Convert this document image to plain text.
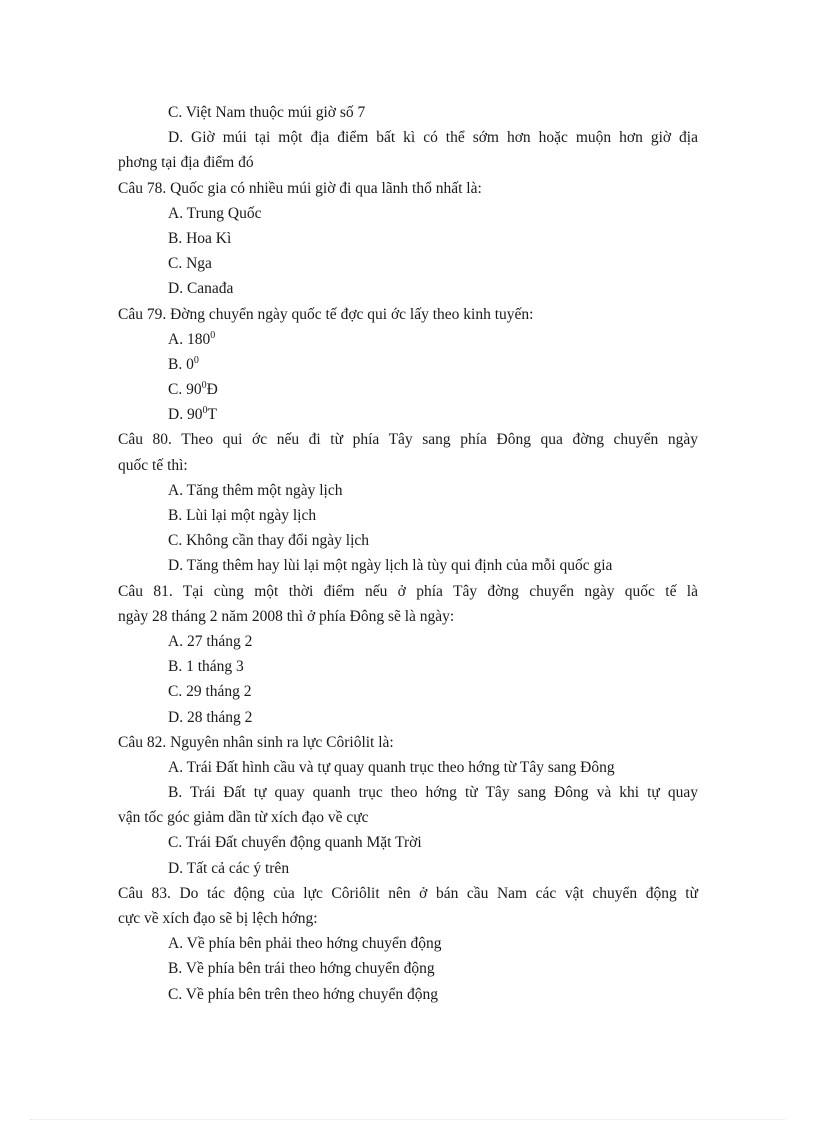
C. Việt Nam thuộc múi giờ số 7
D. Giờ múi tại một địa điểm bất kì có thể sớm hơn hoặc muộn hơn giờ địa
phơng tại địa điểm đó
Câu 78. Quốc gia có nhiều múi giờ đi qua lãnh thổ nhất là:
A. Trung Quốc
B. Hoa Kì
C. Nga
D. Canađa
Câu 79. Đờng chuyển ngày quốc tế đợc qui ớc lấy theo kinh tuyến:
A. $180^0$
B. $0^0$
C. $90^0Đ$
D. $90^0T$
Câu 80. Theo qui ớc nếu đi từ phía Tây sang phía Đông qua đờng chuyển ngày
quốc tế thì:
A. Tăng thêm một ngày lịch
B. Lùi lại một ngày lịch
C. Không cần thay đổi ngày lịch
D. Tăng thêm hay lùi lại một ngày lịch là tùy qui định của mỗi quốc gia
Câu 81. Tại cùng một thời điểm nếu ở phía Tây đờng chuyển ngày quốc tế là
ngày 28 tháng 2 năm 2008 thì ở phía Đông sẽ là ngày:
A. 27 tháng 2
B. 1 tháng 3
C. 29 tháng 2
D. 28 tháng 2
Câu 82. Nguyên nhân sinh ra lực Côriôlit là:
A. Trái Đất hình cầu và tự quay quanh trục theo hớng từ Tây sang Đông
B. Trái Đất tự quay quanh trục theo hớng từ Tây sang Đông và khi tự quay
vận tốc góc giảm dần từ xích đạo về cực
C. Trái Đất chuyển động quanh Mặt Trời
D. Tất cả các ý trên
Câu 83. Do tác động của lực Côriôlit nên ở bán cầu Nam các vật chuyển động từ
cực về xích đạo sẽ bị lệch hớng:
A. Về phía bên phải theo hớng chuyển động
B. Về phía bên trái theo hớng chuyển động
C. Về phía bên trên theo hớng chuyển động
